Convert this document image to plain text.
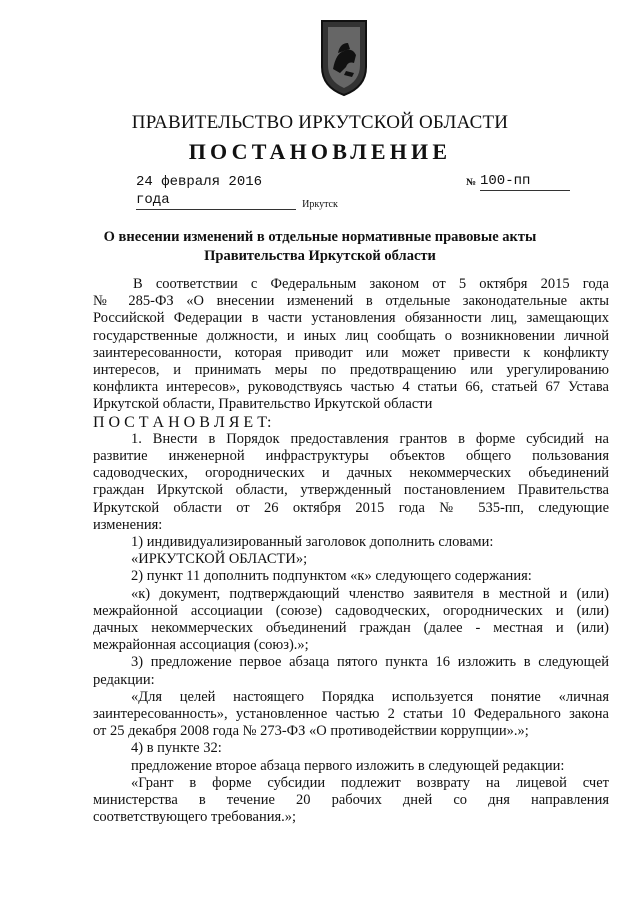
ПРАВИТЕЛЬСТВО ИРКУТСКОЙ ОБЛАСТИ
ПОСТАНОВЛЕНИЕ
24 февраля 2016 года
№ 100-пп
Иркутск
О внесении изменений в отдельные нормативные правовые акты
Правительства Иркутской области

В соответствии с Федеральным законом от 5 октября 2015 года

№ 285-ФЗ «О внесении изменений в отдельные законодательные акты

Российской Федерации в части установления обязанности лиц, замещающих

государственные должности, и иных лиц сообщать о возникновении личной

заинтересованности, которая приводит или может привести к конфликту

интересов, и принимать меры по предотвращению или урегулированию

конфликта интересов», руководствуясь частью 4 статьи 66, статьей 67 Устава

Иркутской области, Правительство Иркутской области

П О С Т А Н О В Л Я Е Т:

1. Внести в Порядок предоставления грантов в форме субсидий на

развитие инженерной инфраструктуры объектов общего пользования

садоводческих, огороднических и дачных некоммерческих объединений

граждан Иркутской области, утвержденный постановлением Правительства

Иркутской области от 26 октября 2015 года № 535-пп, следующие

изменения:

1) индивидуализированный заголовок дополнить словами:

«ИРКУТСКОЙ ОБЛАСТИ»;

2) пункт 11 дополнить подпунктом «к» следующего содержания:

«к) документ, подтверждающий членство заявителя в местной и (или)

межрайонной ассоциации (союзе) садоводческих, огороднических и (или)

дачных некоммерческих объединений граждан (далее - местная и (или)

межрайонная ассоциация (союз).»;

3) предложение первое абзаца пятого пункта 16 изложить в следующей

редакции:

«Для целей настоящего Порядка используется понятие «личная

заинтересованность», установленное частью 2 статьи 10 Федерального закона

от 25 декабря 2008 года № 273-ФЗ «О противодействии коррупции».»;

4) в пункте 32:

предложение второе абзаца первого изложить в следующей редакции:

«Грант в форме субсидии подлежит возврату на лицевой счет

министерства в течение 20 рабочих дней со дня направления

соответствующего требования.»;
